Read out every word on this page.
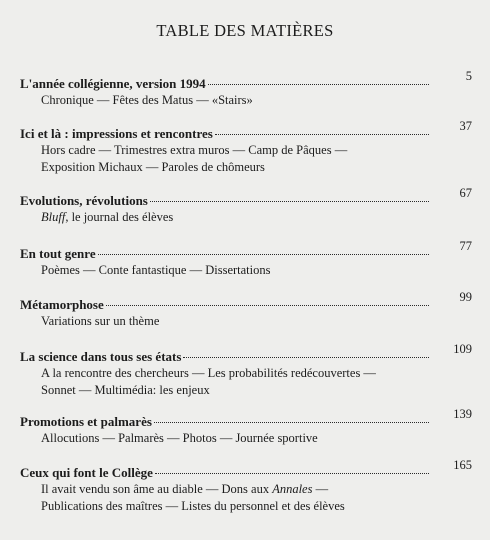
TABLE DES MATIÈRES
L'année collégienne, version 1994	5
Chronique — Fêtes des Matus — «Stairs»
Ici et là : impressions et rencontres	37
Hors cadre — Trimestres extra muros — Camp de Pâques —
Exposition Michaux — Paroles de chômeurs
Evolutions, révolutions	67
Bluff, le journal des élèves
En tout genre	77
Poèmes — Conte fantastique — Dissertations
Métamorphose	99
Variations sur un thème
La science dans tous ses états	109
A la rencontre des chercheurs — Les probabilités redécouvertes —
Sonnet — Multimédia: les enjeux
Promotions et palmarès	139
Allocutions — Palmarès — Photos — Journée sportive
Ceux qui font le Collège	165
Il avait vendu son âme au diable — Dons aux Annales —
Publications des maîtres — Listes du personnel et des élèves
